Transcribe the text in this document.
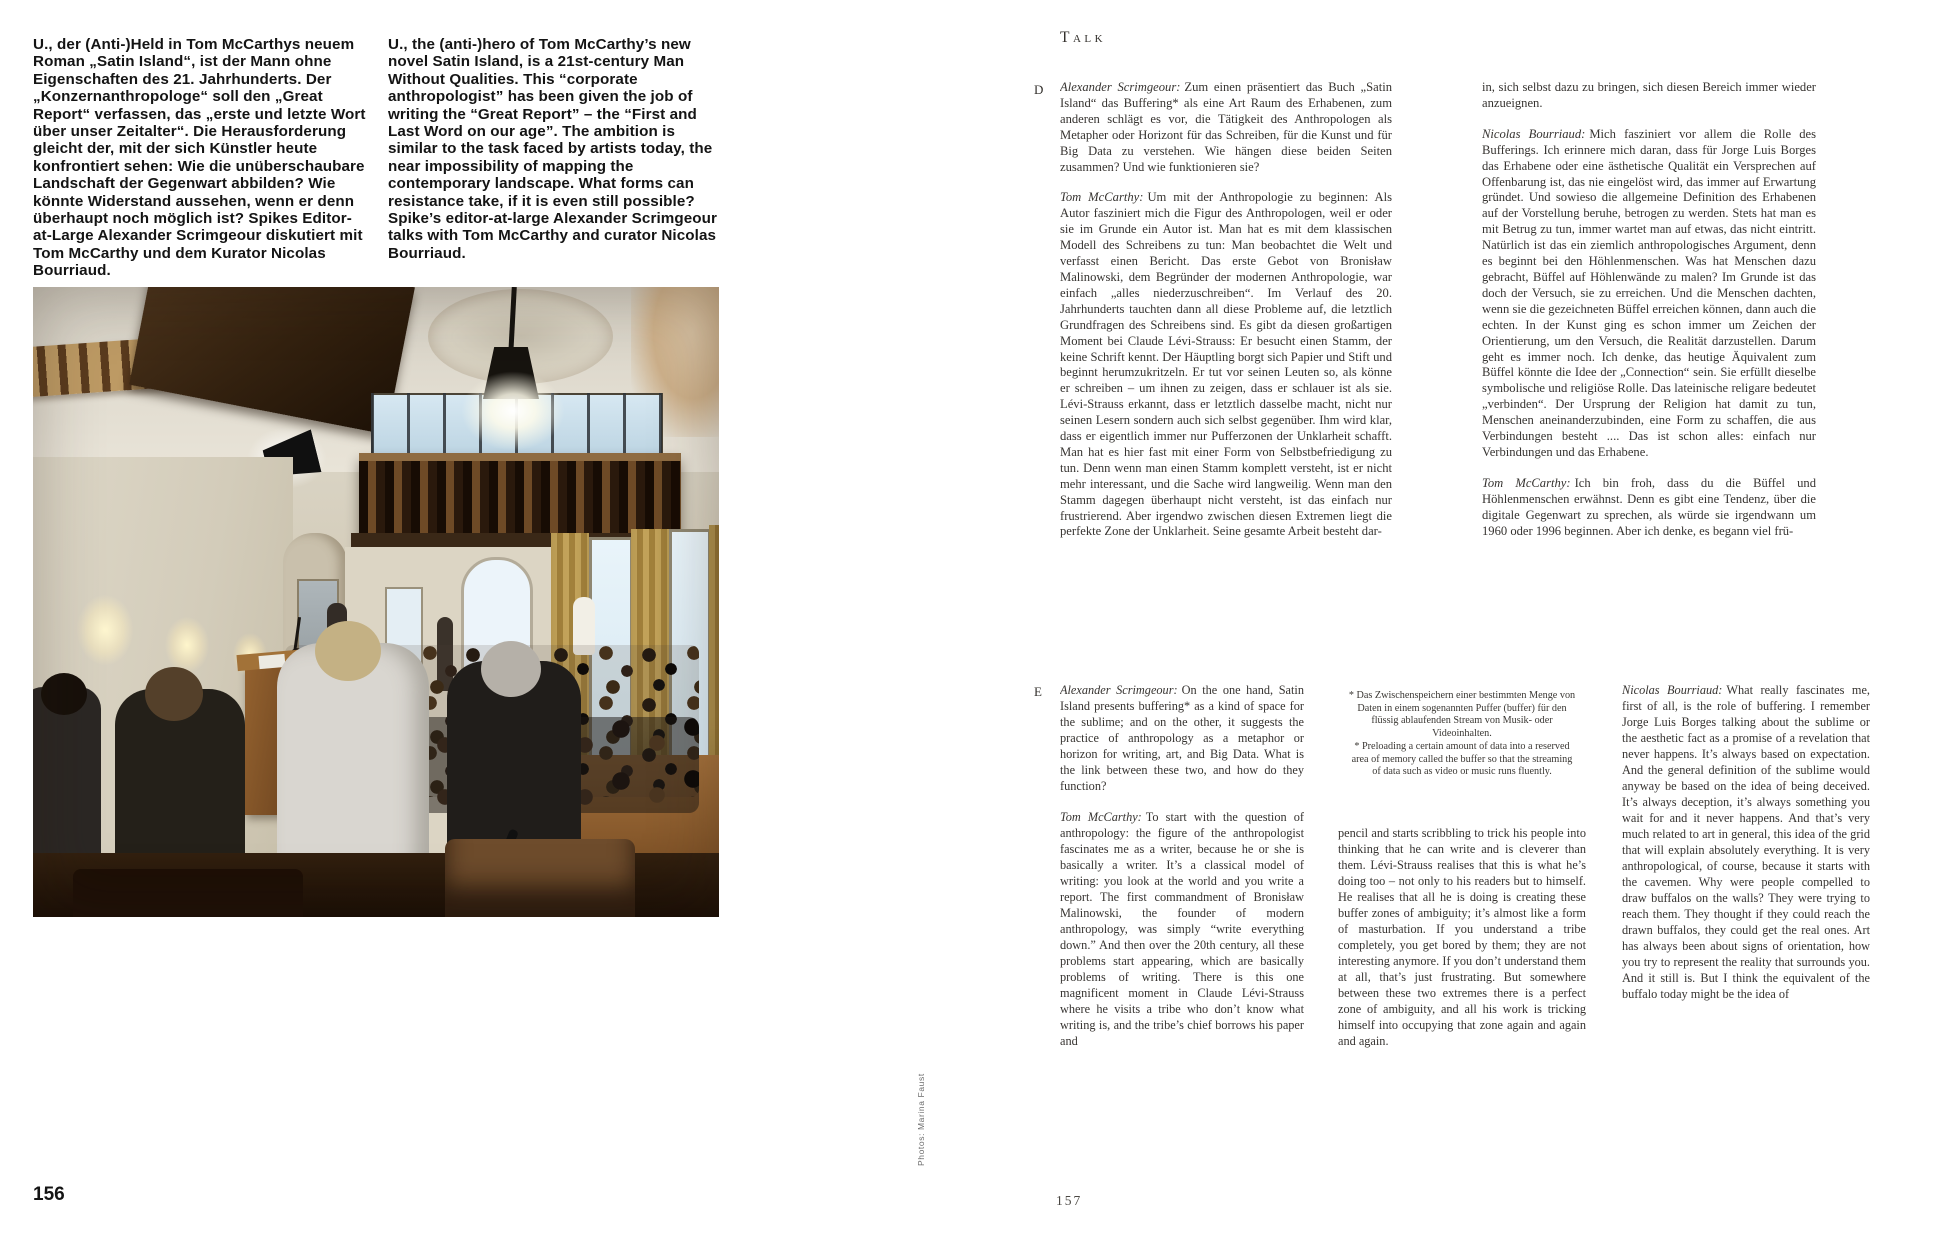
U., der (Anti-)Held in Tom McCarthys neuem Roman „Satin Island“, ist der Mann ohne Eigenschaften des 21. Jahrhunderts. Der „Konzernanthropologe“ soll den „Great Report“ verfassen, das „erste und letzte Wort über unser Zeitalter“. Die Herausforderung gleicht der, mit der sich Künstler heute konfrontiert sehen: Wie die unüberschaubare Landschaft der Gegenwart abbilden? Wie könnte Widerstand aussehen, wenn er denn überhaupt noch möglich ist? Spikes Editor-at-Large Alexander Scrimgeour diskutiert mit Tom McCarthy und dem Kurator Nicolas Bourriaud.
U., the (anti-)hero of Tom McCarthy’s new novel Satin Island, is a 21st-century Man Without Qualities. This “corporate anthropologist” has been given the job of writing the “Great Report” – the “First and Last Word on our age”. The ambition is similar to the task faced by artists today, the near impossibility of mapping the contemporary landscape. What forms can resistance take, if it is even still possible? Spike’s editor-at-large Alexander Scrimgeour talks with Tom McCarthy and curator Nicolas Bourriaud.
Photos: Marina Faust
156
Talk
D
E

Alexander Scrimgeour: Zum einen präsentiert das Buch „Satin Island“ das Buffering* als eine Art Raum des Erhabenen, zum anderen schlägt es vor, die Tätigkeit des Anthropologen als Metapher oder Horizont für das Schreiben, für die Kunst und für Big Data zu verstehen. Wie hängen diese beiden Seiten zusammen? Und wie funktionieren sie?

Tom McCarthy: Um mit der Anthropologie zu beginnen: Als Autor fasziniert mich die Figur des Anthropologen, weil er oder sie im Grunde ein Autor ist. Man hat es mit dem klassischen Modell des Schreibens zu tun: Man beobachtet die Welt und verfasst einen Bericht. Das erste Gebot von Bronisław Malinowski, dem Begründer der modernen Anthropologie, war einfach „alles niederzuschreiben“. Im Verlauf des 20. Jahrhunderts tauchten dann all diese Probleme auf, die letztlich Grundfragen des Schreibens sind. Es gibt da diesen großartigen Moment bei Claude Lévi-Strauss: Er besucht einen Stamm, der keine Schrift kennt. Der Häuptling borgt sich Papier und Stift und beginnt herumzukritzeln. Er tut vor seinen Leuten so, als könne er schreiben – um ihnen zu zeigen, dass er schlauer ist als sie. Lévi-Strauss erkannt, dass er letztlich dasselbe macht, nicht nur seinen Lesern sondern auch sich selbst gegenüber. Ihm wird klar, dass er eigentlich immer nur Pufferzonen der Unklarheit schafft. Man hat es hier fast mit einer Form von Selbstbefriedigung zu tun. Denn wenn man einen Stamm komplett versteht, ist er nicht mehr interessant, und die Sache wird langweilig. Wenn man den Stamm dagegen überhaupt nicht versteht, ist das einfach nur frustrierend. Aber irgendwo zwischen diesen Extremen liegt die perfekte Zone der Unklarheit. Seine gesamte Arbeit besteht dar-

in, sich selbst dazu zu bringen, sich diesen Bereich immer wieder anzueignen.

Nicolas Bourriaud: Mich fasziniert vor allem die Rolle des Bufferings. Ich erinnere mich daran, dass für Jorge Luis Borges das Erhabene oder eine ästhetische Qualität ein Versprechen auf Offenbarung ist, das nie eingelöst wird, das immer auf Erwartung gründet. Und sowieso die allgemeine Definition des Erhabenen auf der Vorstellung beruhe, betrogen zu werden. Stets hat man es mit Betrug zu tun, immer wartet man auf etwas, das nicht eintritt. Natürlich ist das ein ziemlich anthropologisches Argument, denn es beginnt bei den Höhlenmenschen. Was hat Menschen dazu gebracht, Büffel auf Höhlenwände zu malen? Im Grunde ist das doch der Versuch, sie zu erreichen. Und die Menschen dachten, wenn sie die gezeichneten Büffel erreichen können, dann auch die echten. In der Kunst ging es schon immer um Zeichen der Orientierung, um den Versuch, die Realität darzustellen. Darum geht es immer noch. Ich denke, das heutige Äquivalent zum Büffel könnte die Idee der „Connection“ sein. Sie erfüllt dieselbe symbolische und religiöse Rolle. Das lateinische religare bedeutet „verbinden“. Der Ursprung der Religion hat damit zu tun, Menschen aneinanderzubinden, eine Form zu schaffen, die aus Verbindungen besteht .... Das ist schon alles: einfach nur Verbindungen und das Erhabene.

Tom McCarthy: Ich bin froh, dass du die Büffel und Höhlenmenschen erwähnst. Denn es gibt eine Tendenz, über die digitale Gegenwart zu sprechen, als würde sie irgendwann um 1960 oder 1996 beginnen. Aber ich denke, es begann viel frü-

Alexander Scrimgeour: On the one hand, Satin Island presents buffering* as a kind of space for the sublime; and on the other, it suggests the practice of anthropology as a metaphor or horizon for writing, art, and Big Data. What is the link between these two, and how do they function?

Tom McCarthy: To start with the question of anthropology: the figure of the anthropologist fascinates me as a writer, because he or she is basically a writer. It’s a classical model of writing: you look at the world and you write a report. The first commandment of Bronisław Malinowski, the founder of modern anthropology, was simply “write everything down.” And then over the 20th century, all these problems start appearing, which are basically problems of writing. There is this one magnificent moment in Claude Lévi-Strauss where he visits a tribe who don’t know what writing is, and the tribe’s chief borrows his paper and

* Das Zwischenspeichern einer bestimmten Menge von Daten in einem sogenannten Puffer (buffer) für den flüssig ablaufenden Stream von Musik- oder Videoinhalten.

* Preloading a certain amount of data into a reserved area of memory called the buffer so that the streaming of data such as video or music runs fluently.

pencil and starts scribbling to trick his people into thinking that he can write and is cleverer than them. Lévi-Strauss realises that this is what he’s doing too – not only to his readers but to himself. He realises that all he is doing is creating these buffer zones of ambiguity; it’s almost like a form of masturbation. If you understand a tribe completely, you get bored by them; they are not interesting anymore. If you don’t understand them at all, that’s just frustrating. But somewhere between these two extremes there is a perfect zone of ambiguity, and all his work is tricking himself into occupying that zone again and again and again.

Nicolas Bourriaud: What really fascinates me, first of all, is the role of buffering. I remember Jorge Luis Borges talking about the sublime or the aesthetic fact as a promise of a revelation that never happens. It’s always based on expectation. And the general definition of the sublime would anyway be based on the idea of being deceived. It’s always deception, it’s always something you wait for and it never happens. And that’s very much related to art in general, this idea of the grid that will explain absolutely everything. It is very anthropological, of course, because it starts with the cavemen. Why were people compelled to draw buffalos on the walls? They were trying to reach them. They thought if they could reach the drawn buffalos, they could get the real ones. Art has always been about signs of orientation, how you try to represent the reality that surrounds you. And it still is. But I think the equivalent of the buffalo today might be the idea of

157
